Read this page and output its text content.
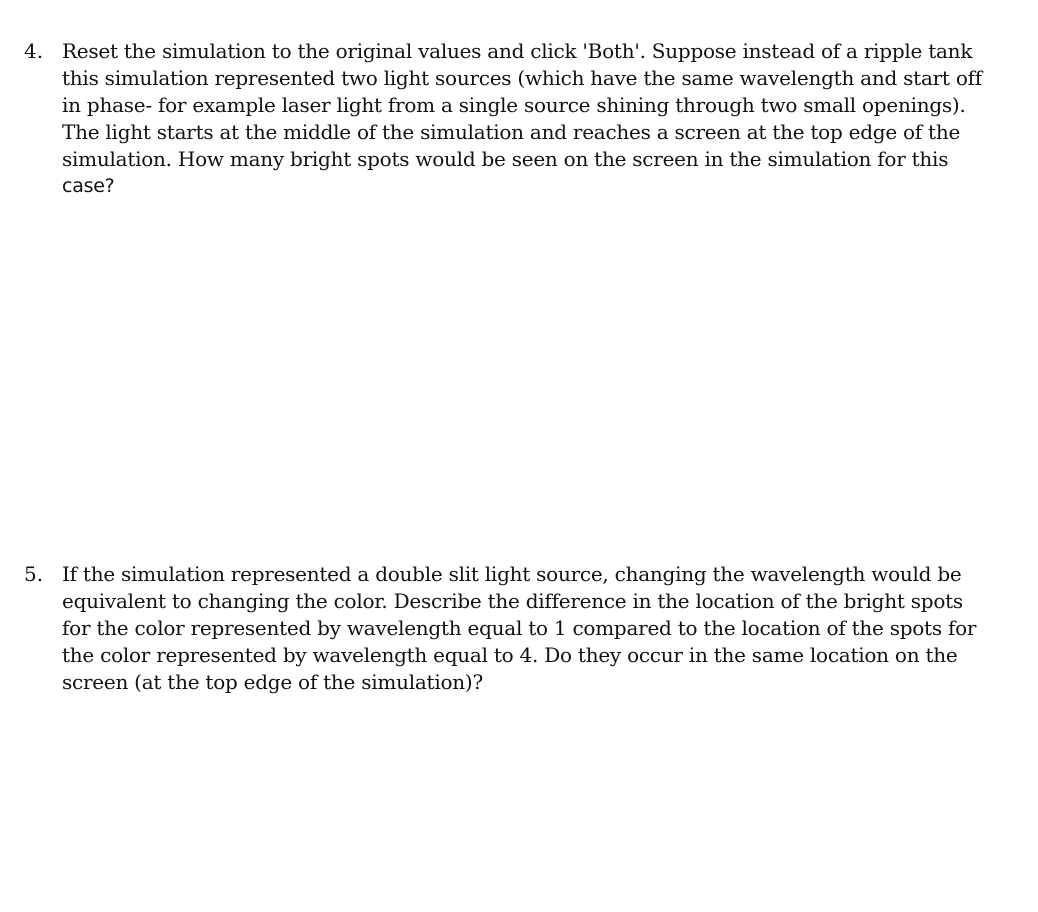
4. Reset the simulation to the original values and click 'Both'. Suppose instead of a ripple tank
this simulation represented two light sources (which have the same wavelength and start off
in phase- for example laser light from a single source shining through two small openings).
The light starts at the middle of the simulation and reaches a screen at the top edge of the
simulation. How many bright spots would be seen on the screen in the simulation for this
case?
5. If the simulation represented a double slit light source, changing the wavelength would be
equivalent to changing the color. Describe the difference in the location of the bright spots
for the color represented by wavelength equal to 1 compared to the location of the spots for
the color represented by wavelength equal to 4. Do they occur in the same location on the
screen (at the top edge of the simulation)?
